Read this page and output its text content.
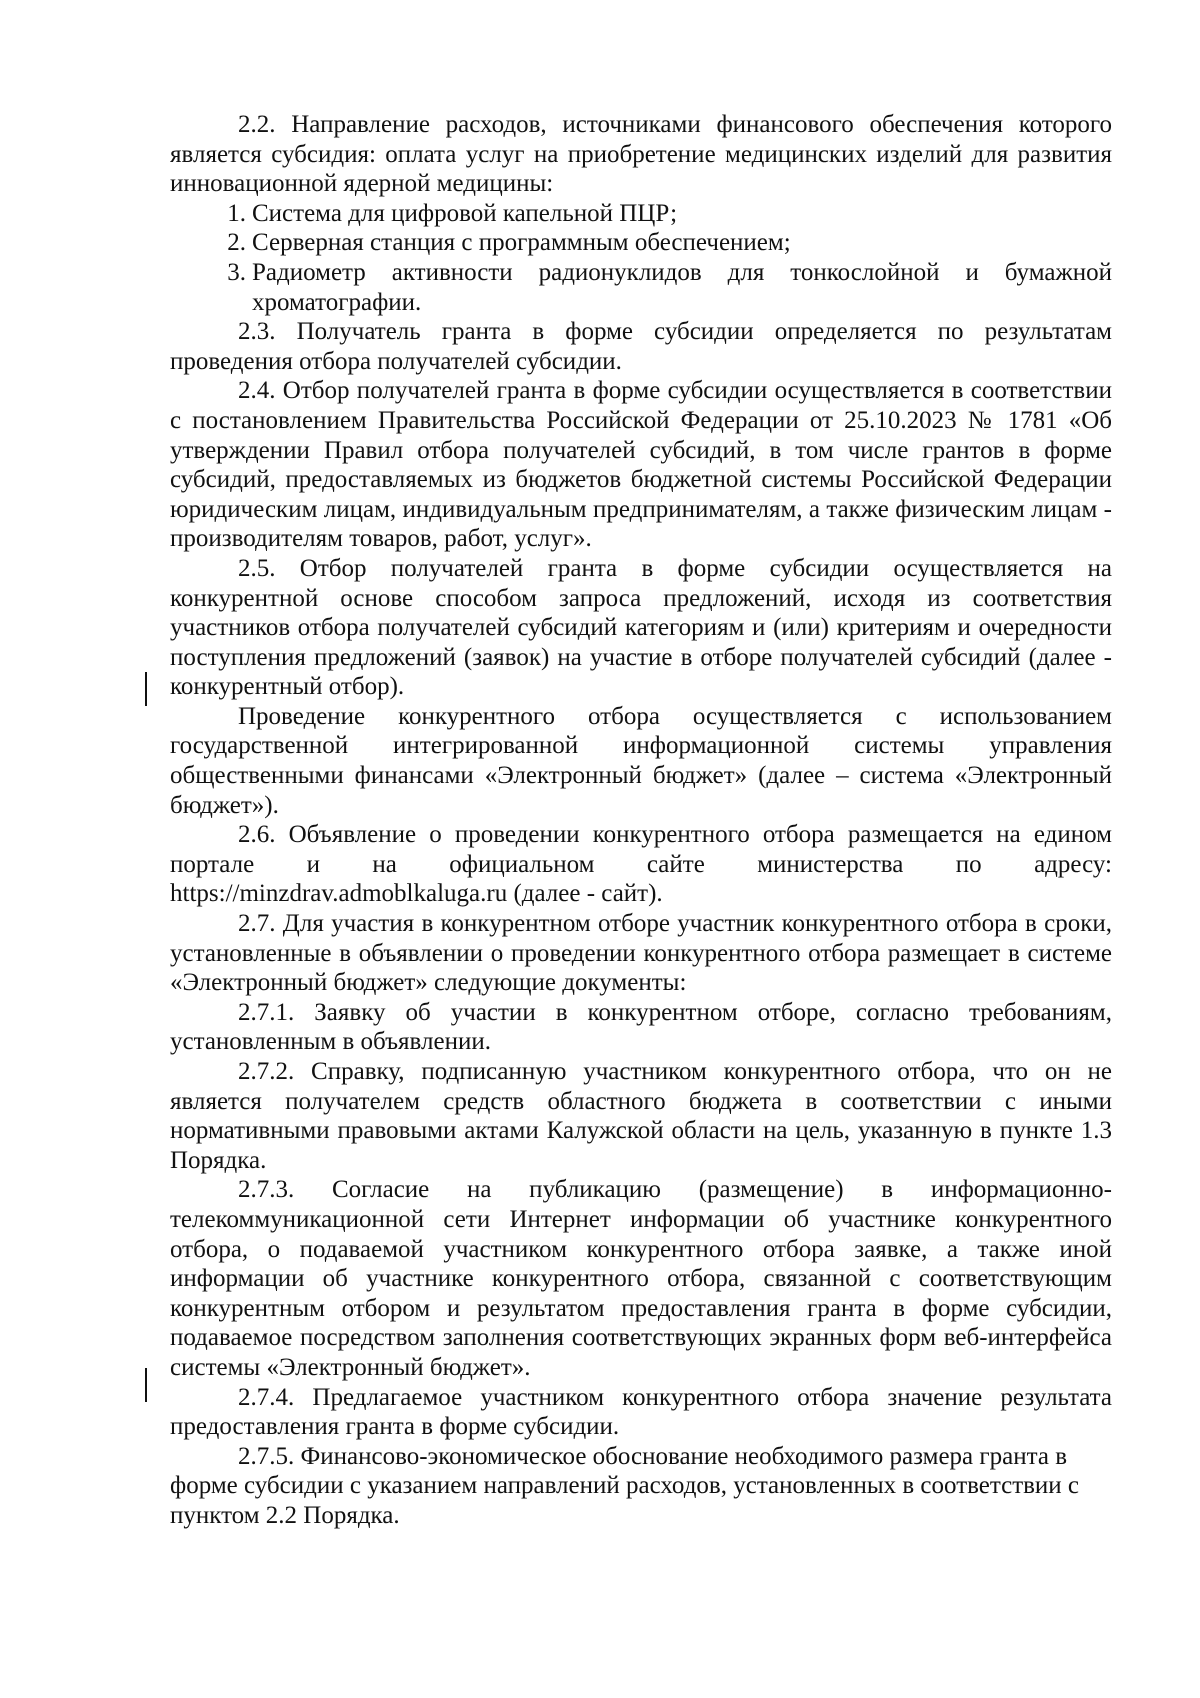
2.2. Направление расходов, источниками финансового обеспечения которого является субсидия: оплата услуг на приобретение медицинских изделий для развития инновационной ядерной медицины:

1. Система для цифровой капельной ПЦР;
2. Серверная станция с программным обеспечением;
3. Радиометр активности радионуклидов для тонкослойной и бумажной хроматографии.

2.3. Получатель гранта в форме субсидии определяется по результатам проведения отбора получателей субсидии.

2.4. Отбор получателей гранта в форме субсидии осуществляется в соответствии с постановлением Правительства Российской Федерации от 25.10.2023 № 1781 «Об утверждении Правил отбора получателей субсидий, в том числе грантов в форме субсидий, предоставляемых из бюджетов бюджетной системы Российской Федерации юридическим лицам, индивидуальным предпринимателям, а также физическим лицам - производителям товаров, работ, услуг».

2.5. Отбор получателей гранта в форме субсидии осуществляется на конкурентной основе способом запроса предложений, исходя из соответствия участников отбора получателей субсидий категориям и (или) критериям и очередности поступления предложений (заявок) на участие в отборе получателей субсидий (далее - конкурентный отбор).

Проведение конкурентного отбора осуществляется с использованием государственной интегрированной информационной системы управления общественными финансами «Электронный бюджет» (далее – система «Электронный бюджет»).

2.6. Объявление о проведении конкурентного отбора размещается на едином портале и на официальном сайте министерства по адресу: https://minzdrav.admoblkaluga.ru (далее - сайт).

2.7. Для участия в конкурентном отборе участник конкурентного отбора в сроки, установленные в объявлении о проведении конкурентного отбора размещает в системе «Электронный бюджет» следующие документы:

2.7.1. Заявку об участии в конкурентном отборе, согласно требованиям, установленным в объявлении.

2.7.2. Справку, подписанную участником конкурентного отбора, что он не является получателем средств областного бюджета в соответствии с иными нормативными правовыми актами Калужской области на цель, указанную в пункте 1.3 Порядка.

2.7.3. Согласие на публикацию (размещение) в информационно-телекоммуникационной сети Интернет информации об участнике конкурентного отбора, о подаваемой участником конкурентного отбора заявке, а также иной информации об участнике конкурентного отбора, связанной с соответствующим конкурентным отбором и результатом предоставления гранта в форме субсидии, подаваемое посредством заполнения соответствующих экранных форм веб-интерфейса системы «Электронный бюджет».

2.7.4. Предлагаемое участником конкурентного отбора значение результата предоставления гранта в форме субсидии.

2.7.5. Финансово-экономическое обоснование необходимого размера гранта в форме субсидии с указанием направлений расходов, установленных в соответствии с пунктом 2.2 Порядка.
